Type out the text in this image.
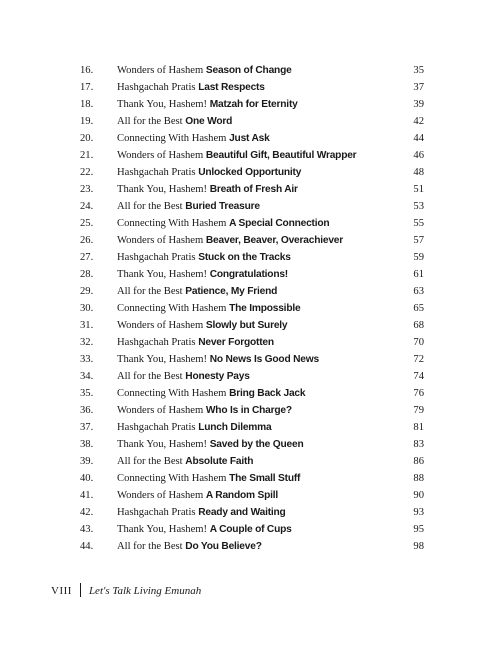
16.	Wonders of Hashem Season of Change	35
17.	Hashgachah Pratis Last Respects	37
18.	Thank You, Hashem! Matzah for Eternity	39
19.	All for the Best One Word	42
20.	Connecting With Hashem Just Ask	44
21.	Wonders of Hashem Beautiful Gift, Beautiful Wrapper	46
22.	Hashgachah Pratis Unlocked Opportunity	48
23.	Thank You, Hashem! Breath of Fresh Air	51
24.	All for the Best Buried Treasure	53
25.	Connecting With Hashem A Special Connection	55
26.	Wonders of Hashem Beaver, Beaver, Overachiever	57
27.	Hashgachah Pratis Stuck on the Tracks	59
28.	Thank You, Hashem! Congratulations!	61
29.	All for the Best Patience, My Friend	63
30.	Connecting With Hashem The Impossible	65
31.	Wonders of Hashem Slowly but Surely	68
32.	Hashgachah Pratis Never Forgotten	70
33.	Thank You, Hashem! No News Is Good News	72
34.	All for the Best Honesty Pays	74
35.	Connecting With Hashem Bring Back Jack	76
36.	Wonders of Hashem Who Is in Charge?	79
37.	Hashgachah Pratis Lunch Dilemma	81
38.	Thank You, Hashem! Saved by the Queen	83
39.	All for the Best Absolute Faith	86
40.	Connecting With Hashem The Small Stuff	88
41.	Wonders of Hashem A Random Spill	90
42.	Hashgachah Pratis Ready and Waiting	93
43.	Thank You, Hashem! A Couple of Cups	95
44.	All for the Best Do You Believe?	98
VIII Let's Talk Living Emunah
